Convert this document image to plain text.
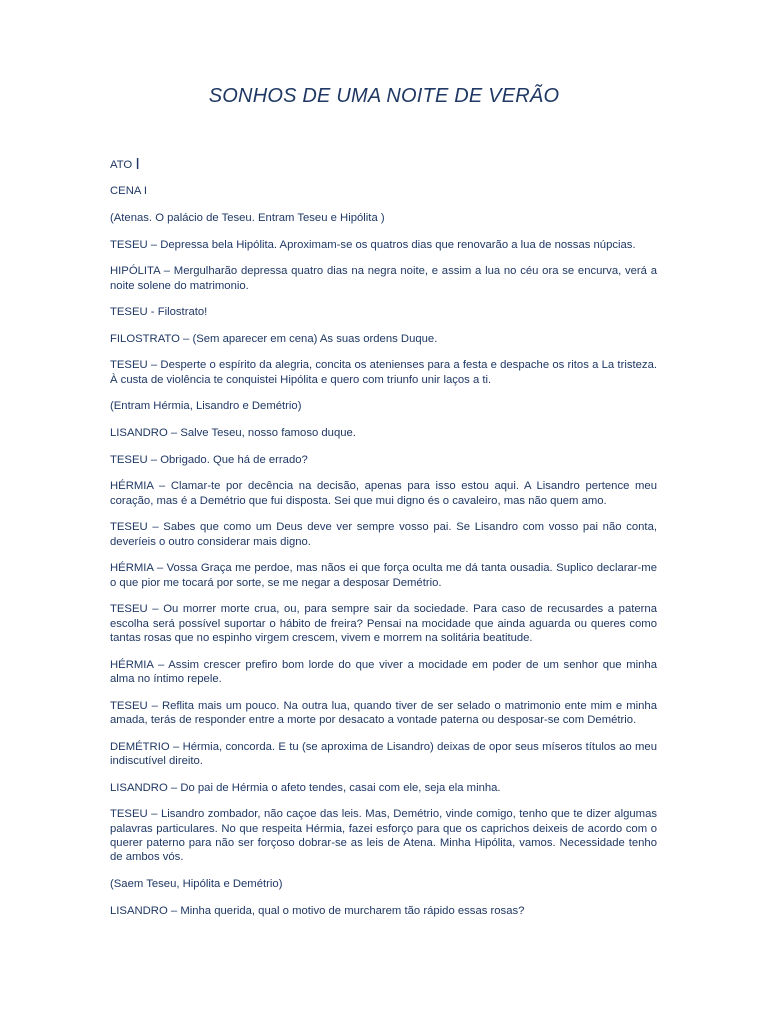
SONHOS DE UMA NOITE DE VERÃO
ATO I

CENA I

(Atenas. O palácio de Teseu. Entram Teseu e Hipólita )

TESEU – Depressa bela Hipólita. Aproximam-se os quatros dias que renovarão a lua de nossas núpcias.

HIPÓLITA – Mergulharão depressa quatro dias na negra noite, e assim a lua no céu ora se encurva, verá a noite solene do matrimonio.

TESEU - Filostrato!

FILOSTRATO – (Sem aparecer em cena) As suas ordens Duque.

TESEU – Desperte o espírito da alegria, concita os atenienses para a festa e despache os ritos a La tristeza. À custa de violência te conquistei Hipólita e quero com triunfo unir laços a ti.

(Entram Hérmia, Lisandro e Demétrio)

LISANDRO – Salve Teseu, nosso famoso duque.

TESEU – Obrigado. Que há de errado?

HÉRMIA – Clamar-te por decência na decisão, apenas para isso estou aqui. A Lisandro pertence meu coração, mas é a Demétrio que fui disposta. Sei que mui digno és o cavaleiro, mas não quem amo.

TESEU – Sabes que como um Deus deve ver sempre vosso pai. Se Lisandro com vosso pai não conta, deveríeis o outro considerar mais digno.

HÉRMIA – Vossa Graça me perdoe, mas nãos ei que força oculta me dá tanta ousadia. Suplico declarar-me o que pior me tocará por sorte, se me negar a desposar Demétrio.

TESEU – Ou morrer morte crua, ou, para sempre sair da sociedade. Para caso de recusardes a paterna escolha será possível suportar o hábito de freira? Pensai na mocidade que ainda aguarda ou queres como tantas rosas que no espinho virgem crescem, vivem e morrem na solitária beatitude.

HÉRMIA – Assim crescer prefiro bom lorde do que viver a mocidade em poder de um senhor que minha alma no íntimo repele.

TESEU – Reflita mais um pouco. Na outra lua, quando tiver de ser selado o matrimonio ente mim e minha amada, terás de responder entre a morte por desacato a vontade paterna ou desposar-se com Demétrio.

DEMÉTRIO – Hérmia, concorda. E tu (se aproxima de Lisandro) deixas de opor seus míseros títulos ao meu indiscutível direito.

LISANDRO – Do pai de Hérmia o afeto tendes, casai com ele, seja ela minha.

TESEU – Lisandro zombador, não caçoe das leis. Mas, Demétrio, vinde comigo, tenho que te dizer algumas palavras particulares. No que respeita Hérmia, fazei esforço para que os caprichos deixeis de acordo com o querer paterno para não ser forçoso dobrar-se as leis de Atena. Minha Hipólita, vamos. Necessidade tenho de ambos vós.

(Saem Teseu, Hipólita e Demétrio)

LISANDRO – Minha querida, qual o motivo de murcharem tão rápido essas rosas?
